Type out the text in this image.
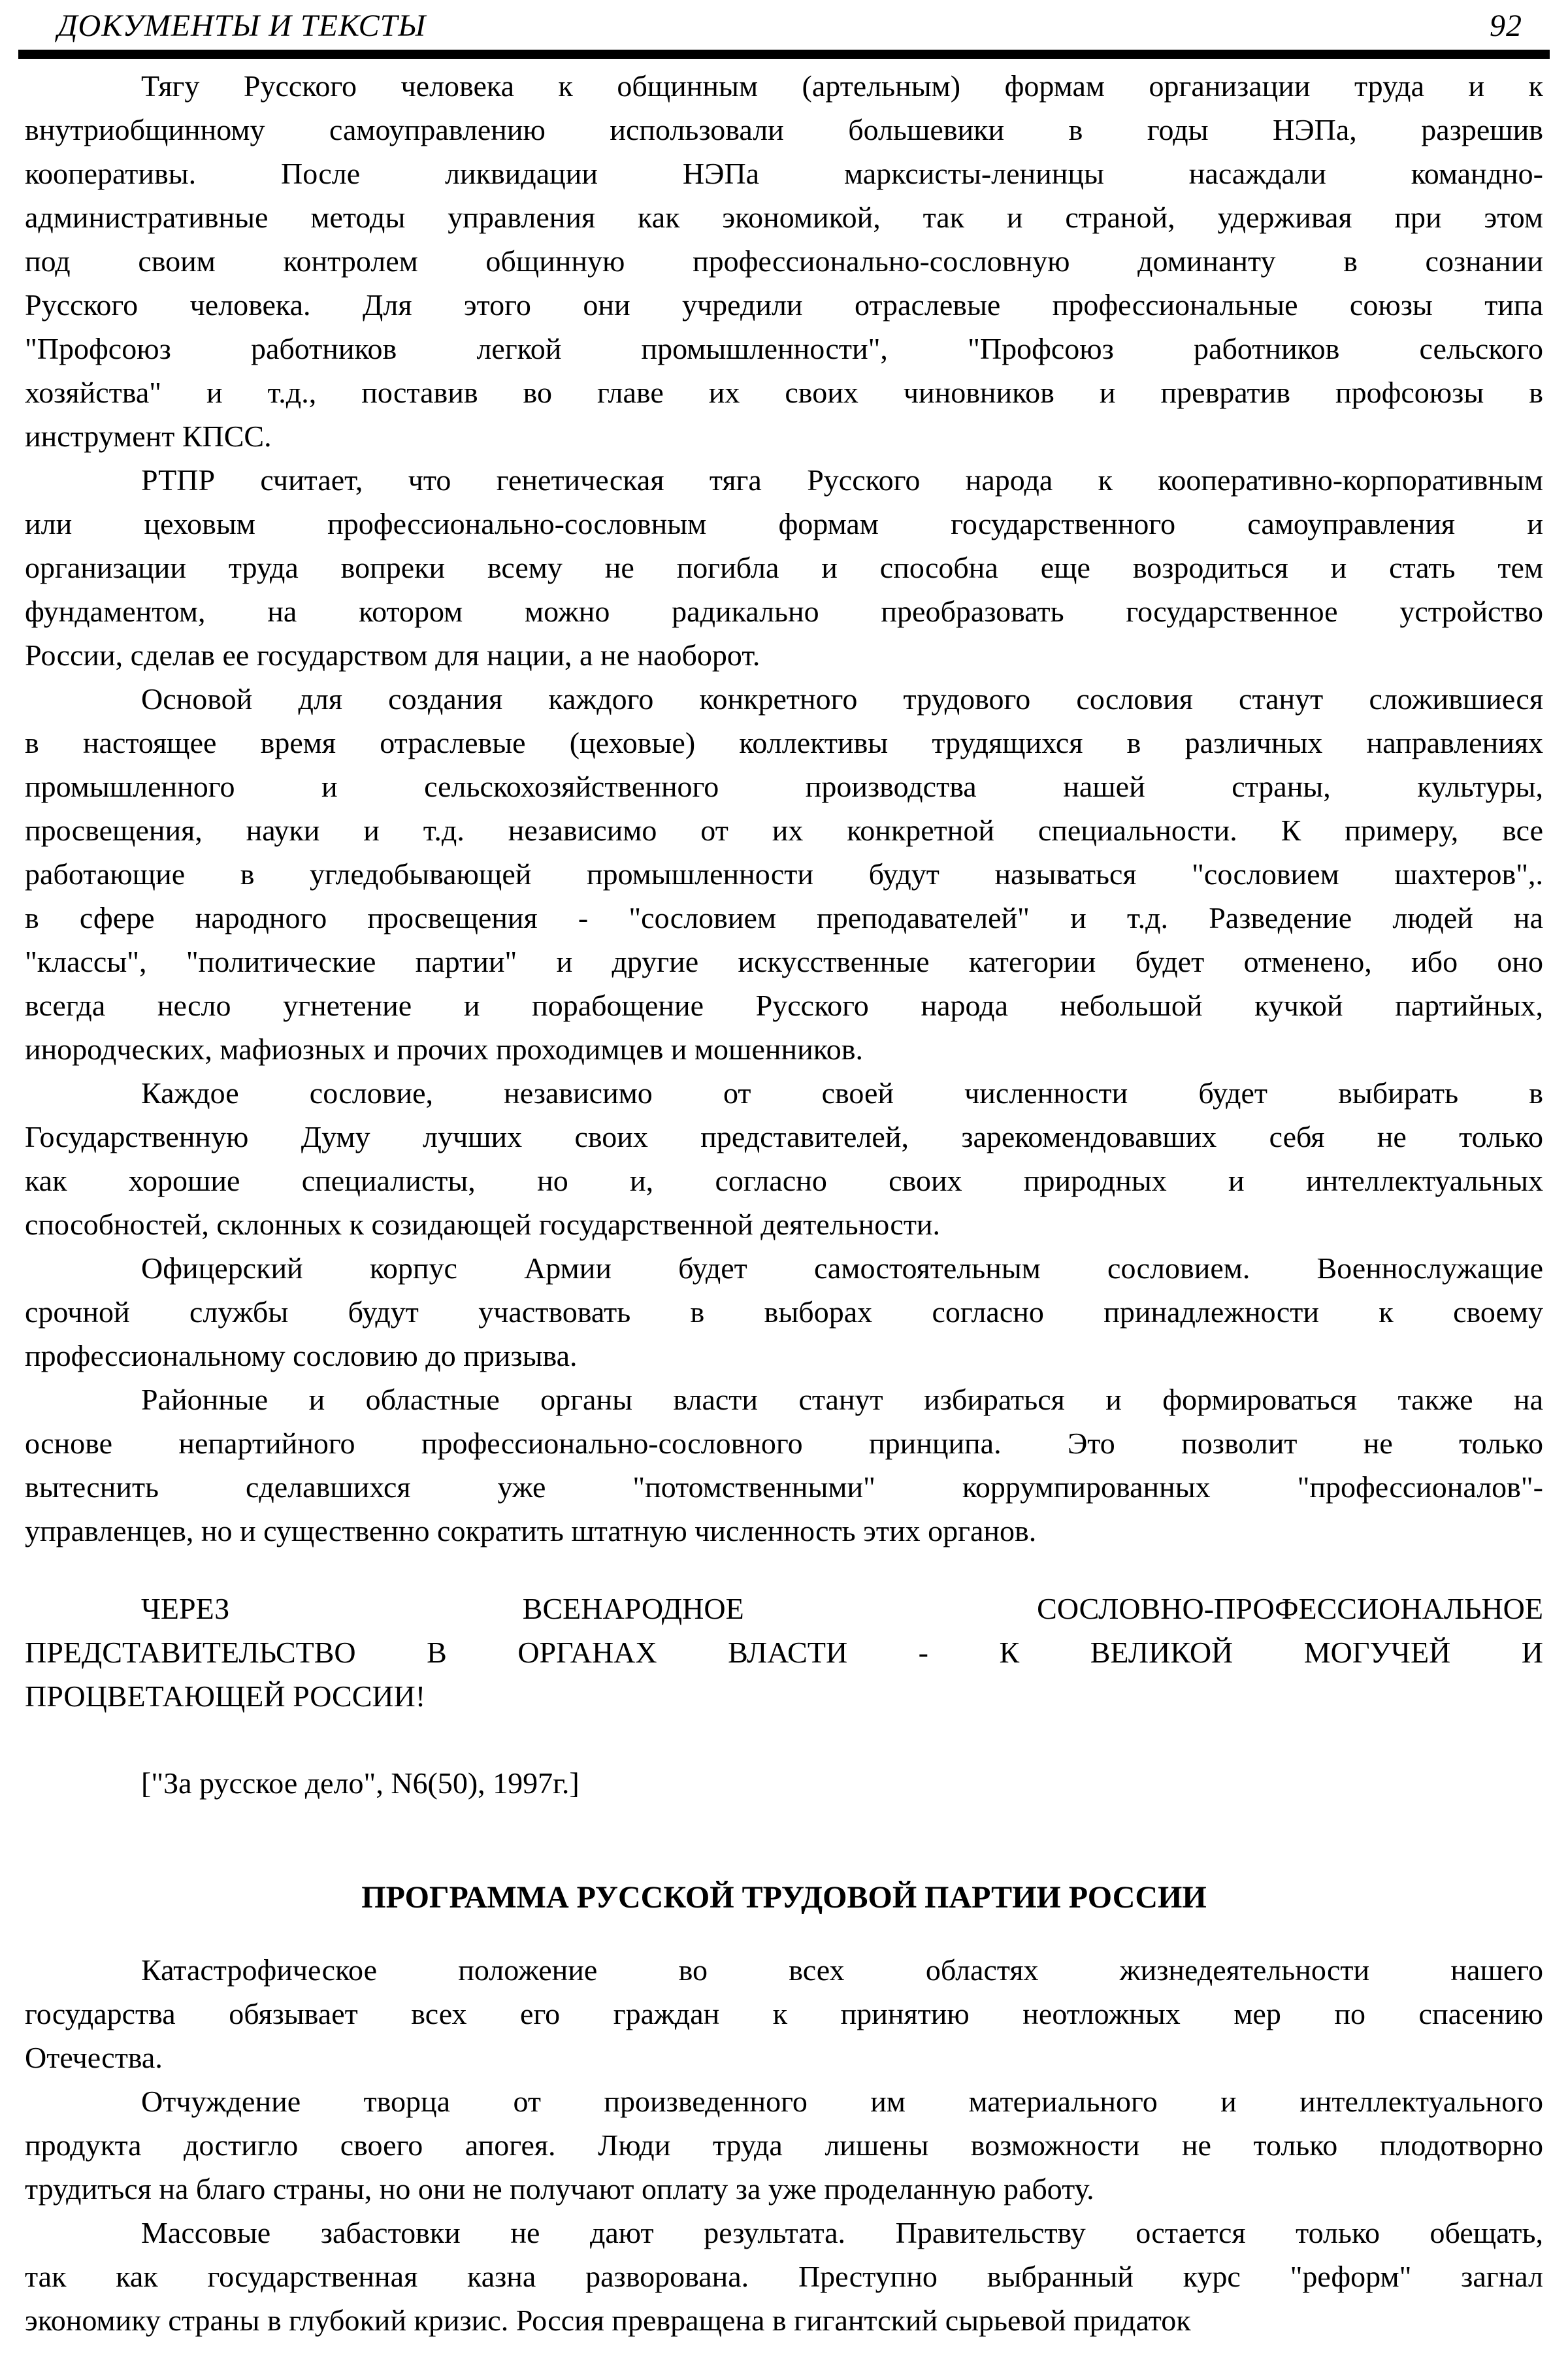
ДОКУМЕНТЫ И ТЕКСТЫ	92
Тягу Русского человека к общинным (артельным) формам организации труда и к
внутриобщинному самоуправлению использовали большевики в годы НЭПа, разрешив
кооперативы. После ликвидации НЭПа марксисты-ленинцы насаждали командно-
административные методы управления как экономикой, так и страной, удерживая при этом
под своим контролем общинную профессионально-сословную доминанту в сознании
Русского человека. Для этого они учредили отраслевые профессиональные союзы типа
"Профсоюз работников легкой промышленности", "Профсоюз работников сельского
хозяйства" и т.д., поставив во главе их своих чиновников и превратив профсоюзы в
инструмент КПСС.
РТПР считает, что генетическая тяга Русского народа к кооперативно-корпоративным
или цеховым профессионально-сословным формам государственного самоуправления и
организации труда вопреки всему не погибла и способна еще возродиться и стать тем
фундаментом, на котором можно радикально преобразовать государственное устройство
России, сделав ее государством для нации, а не наоборот.
Основой для создания каждого конкретного трудового сословия станут сложившиеся
в настоящее время отраслевые (цеховые) коллективы трудящихся в различных направлениях
промышленного и сельскохозяйственного производства нашей страны, культуры,
просвещения, науки и т.д. независимо от их конкретной специальности. К примеру, все
работающие в угледобывающей промышленности будут называться "сословием шахтеров",.
в сфере народного просвещения - "сословием преподавателей" и т.д. Разведение людей на
"классы", "политические партии" и другие искусственные категории будет отменено, ибо оно
всегда несло угнетение и порабощение Русского народа небольшой кучкой партийных,
инородческих, мафиозных и прочих проходимцев и мошенников.
Каждое сословие, независимо от своей численности будет выбирать в
Государственную Думу лучших своих представителей, зарекомендовавших себя не только
как хорошие специалисты, но и, согласно своих природных и интеллектуальных
способностей, склонных к созидающей государственной деятельности.
Офицерский корпус Армии будет самостоятельным сословием. Военнослужащие
срочной службы будут участвовать в выборах согласно принадлежности к своему
профессиональному сословию до призыва.
Районные и областные органы власти станут избираться и формироваться также на
основе непартийного профессионально-сословного принципа. Это позволит не только
вытеснить сделавшихся уже "потомственными" коррумпированных "профессионалов"-
управленцев, но и существенно сократить штатную численность этих органов.
ЧЕРЕЗ ВСЕНАРОДНОЕ СОСЛОВНО-ПРОФЕССИОНАЛЬНОЕ
ПРЕДСТАВИТЕЛЬСТВО В ОРГАНАХ ВЛАСТИ - К ВЕЛИКОЙ МОГУЧЕЙ И
ПРОЦВЕТАЮЩЕЙ РОССИИ!
["За русское дело", N6(50), 1997г.]
ПРОГРАММА РУССКОЙ ТРУДОВОЙ ПАРТИИ РОССИИ
Катастрофическое положение во всех областях жизнедеятельности нашего
государства обязывает всех его граждан к принятию неотложных мер по спасению
Отечества.
Отчуждение творца от произведенного им материального и интеллектуального
продукта достигло своего апогея. Люди труда лишены возможности не только плодотворно
трудиться на благо страны, но они не получают оплату за уже проделанную работу.
Массовые забастовки не дают результата. Правительству остается только обещать,
так как государственная казна разворована. Преступно выбранный курс "реформ" загнал
экономику страны в глубокий кризис. Россия превращена в гигантский сырьевой придаток
